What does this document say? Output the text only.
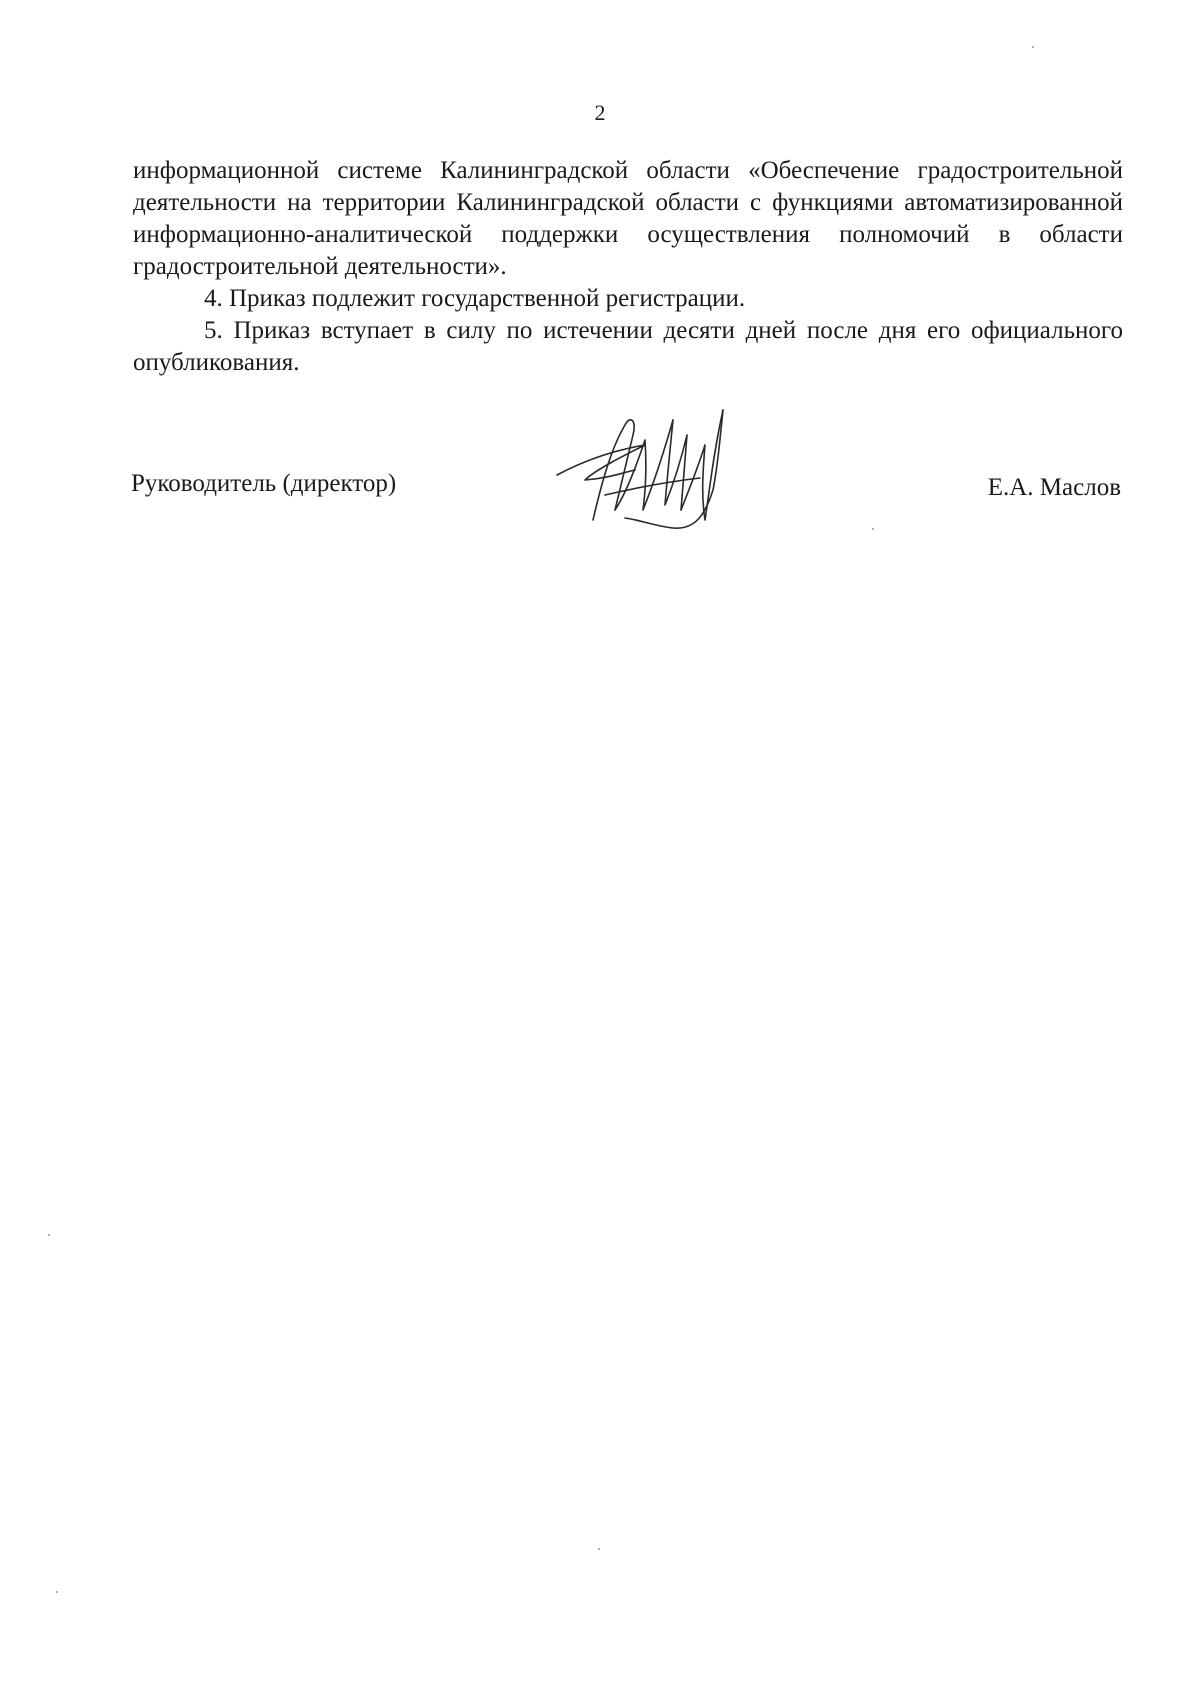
2

информационной системе Калининградской области «Обеспечение градостроительной деятельности на территории Калининградской области с функциями автоматизированной информационно-аналитической поддержки осуществления полномочий в области градостроительной деятельности».

4. Приказ подлежит государственной регистрации.

5. Приказ вступает в силу по истечении десяти дней после дня его официального опубликования.

Руководитель (директор)	Е.А. Маслов
